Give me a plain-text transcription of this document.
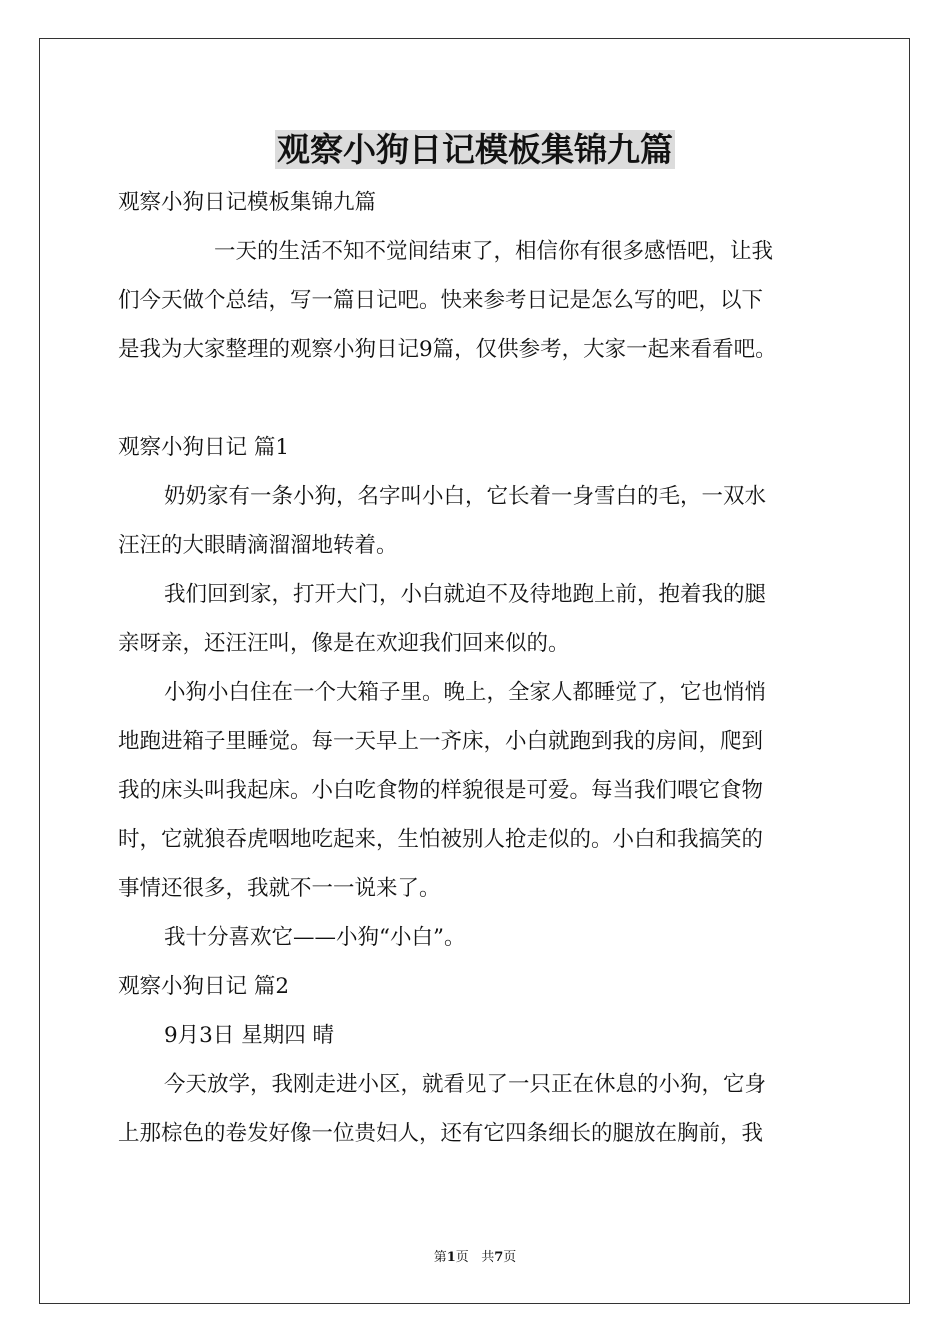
观察小狗日记模板集锦九篇
观察小狗日记模板集锦九篇
一天的生活不知不觉间结束了，相信你有很多感悟吧，让我
们今天做个总结，写一篇日记吧。快来参考日记是怎么写的吧，以下
是我为大家整理的观察小狗日记9篇，仅供参考，大家一起来看看吧。
观察小狗日记 篇1
奶奶家有一条小狗，名字叫小白，它长着一身雪白的毛，一双水
汪汪的大眼睛滴溜溜地转着。
我们回到家，打开大门，小白就迫不及待地跑上前，抱着我的腿
亲呀亲，还汪汪叫，像是在欢迎我们回来似的。
小狗小白住在一个大箱子里。晚上，全家人都睡觉了，它也悄悄
地跑进箱子里睡觉。每一天早上一齐床，小白就跑到我的房间，爬到
我的床头叫我起床。小白吃食物的样貌很是可爱。每当我们喂它食物
时，它就狼吞虎咽地吃起来，生怕被别人抢走似的。小白和我搞笑的
事情还很多，我就不一一说来了。
我十分喜欢它——小狗“小白”。
观察小狗日记 篇2
9月3日 星期四 晴
今天放学，我刚走进小区，就看见了一只正在休息的小狗，它身
上那棕色的卷发好像一位贵妇人，还有它四条细长的腿放在胸前，我
第1页 共7页
